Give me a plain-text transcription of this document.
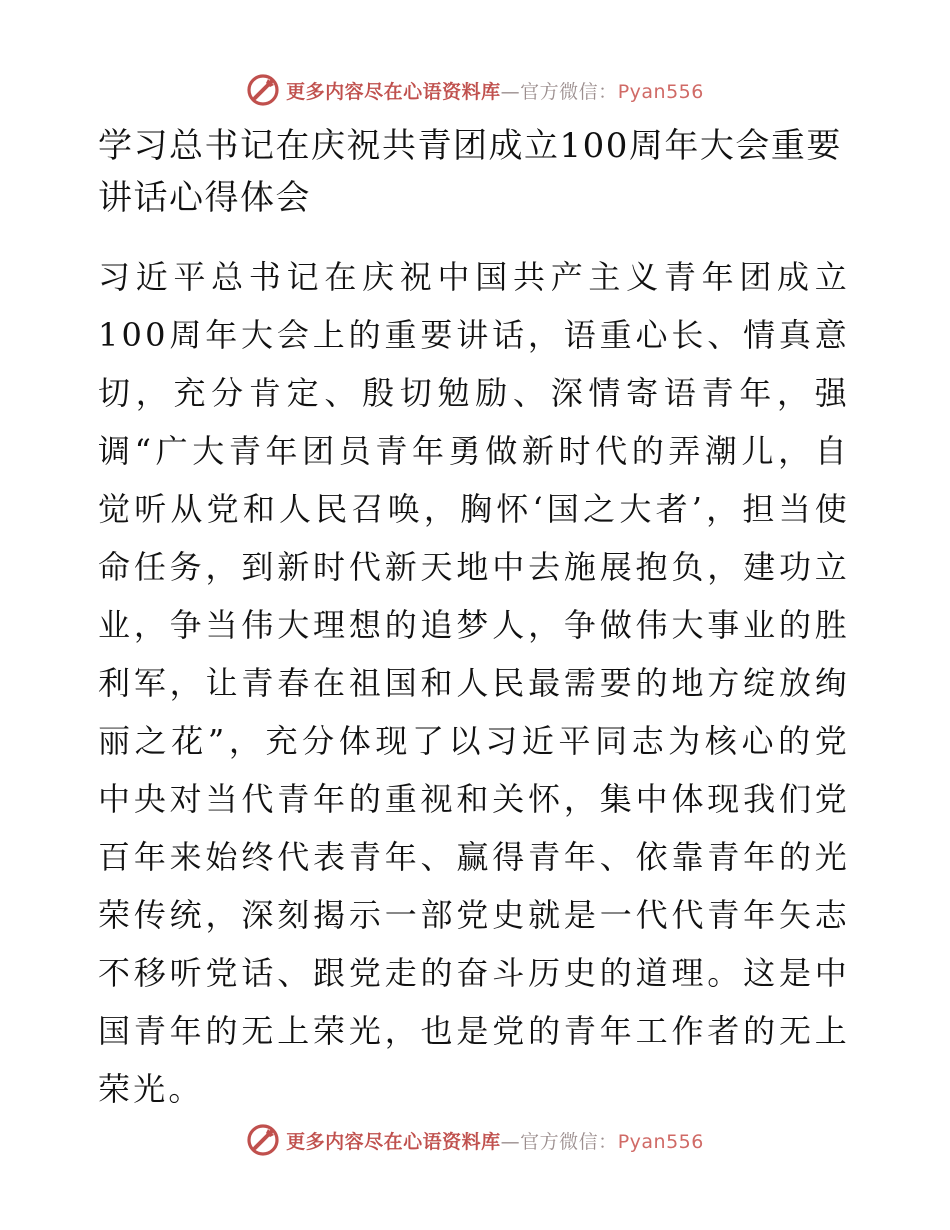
更多内容尽在心语资料库—官方微信：Pyan556
学习总书记在庆祝共青团成立100周年大会重要讲话心得体会

习近平总书记在庆祝中国共产主义青年团成立100周年大会上的重要讲话，语重心长、情真意切，充分肯定、殷切勉励、深情寄语青年，强调“广大青年团员青年勇做新时代的弄潮儿，自觉听从党和人民召唤，胸怀‘国之大者’，担当使命任务，到新时代新天地中去施展抱负，建功立业，争当伟大理想的追梦人，争做伟大事业的胜利军，让青春在祖国和人民最需要的地方绽放绚丽之花”，充分体现了以习近平同志为核心的党中央对当代青年的重视和关怀，集中体现我们党百年来始终代表青年、赢得青年、依靠青年的光荣传统，深刻揭示一部党史就是一代代青年矢志不移听党话、跟党走的奋斗历史的道理。这是中国青年的无上荣光，也是党的青年工作者的无上荣光。

更多内容尽在心语资料库—官方微信：Pyan556
